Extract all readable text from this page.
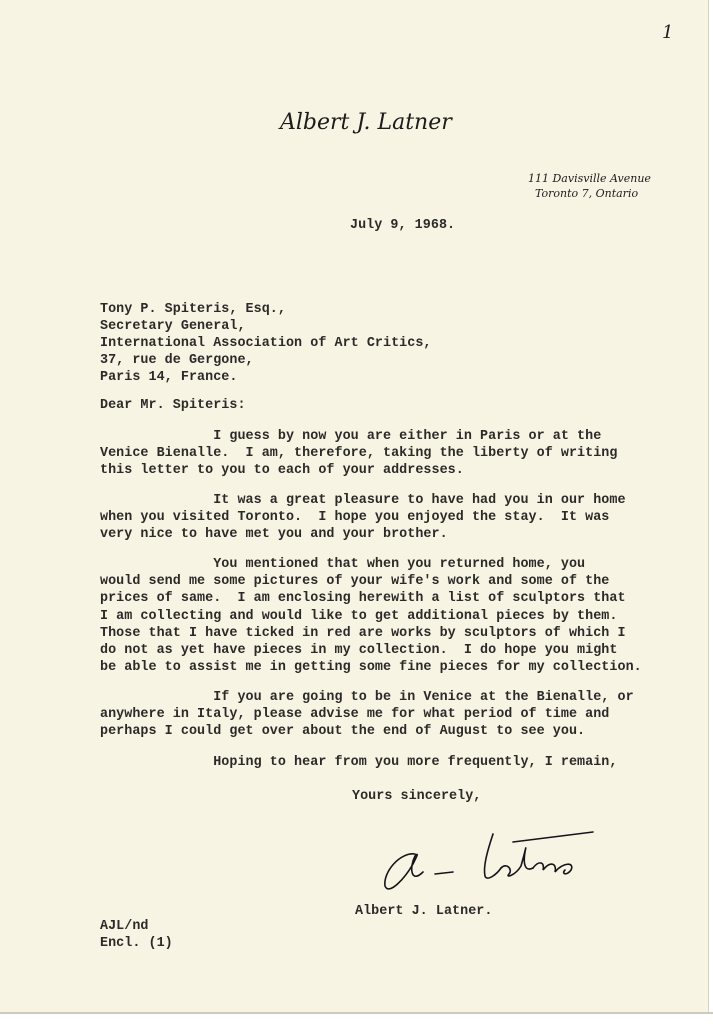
1
Albert J. Latner
111 Davisville Avenue
Toronto 7, Ontario
July 9, 1968.
Tony P. Spiteris, Esq.,
Secretary General,
International Association of Art Critics,
37, rue de Gergone,
Paris 14, France.
Dear Mr. Spiteris:
I guess by now you are either in Paris or at the
Venice Bienalle.  I am, therefore, taking the liberty of writing
this letter to you to each of your addresses.
It was a great pleasure to have had you in our home
when you visited Toronto.  I hope you enjoyed the stay.  It was
very nice to have met you and your brother.
You mentioned that when you returned home, you
would send me some pictures of your wife's work and some of the
prices of same.  I am enclosing herewith a list of sculptors that
I am collecting and would like to get additional pieces by them.
Those that I have ticked in red are works by sculptors of which I
do not as yet have pieces in my collection.  I do hope you might
be able to assist me in getting some fine pieces for my collection.
If you are going to be in Venice at the Bienalle, or
anywhere in Italy, please advise me for what period of time and
perhaps I could get over about the end of August to see you.
Hoping to hear from you more frequently, I remain,
Yours sincerely,
Albert J. Latner.
AJL/nd
Encl. (1)
